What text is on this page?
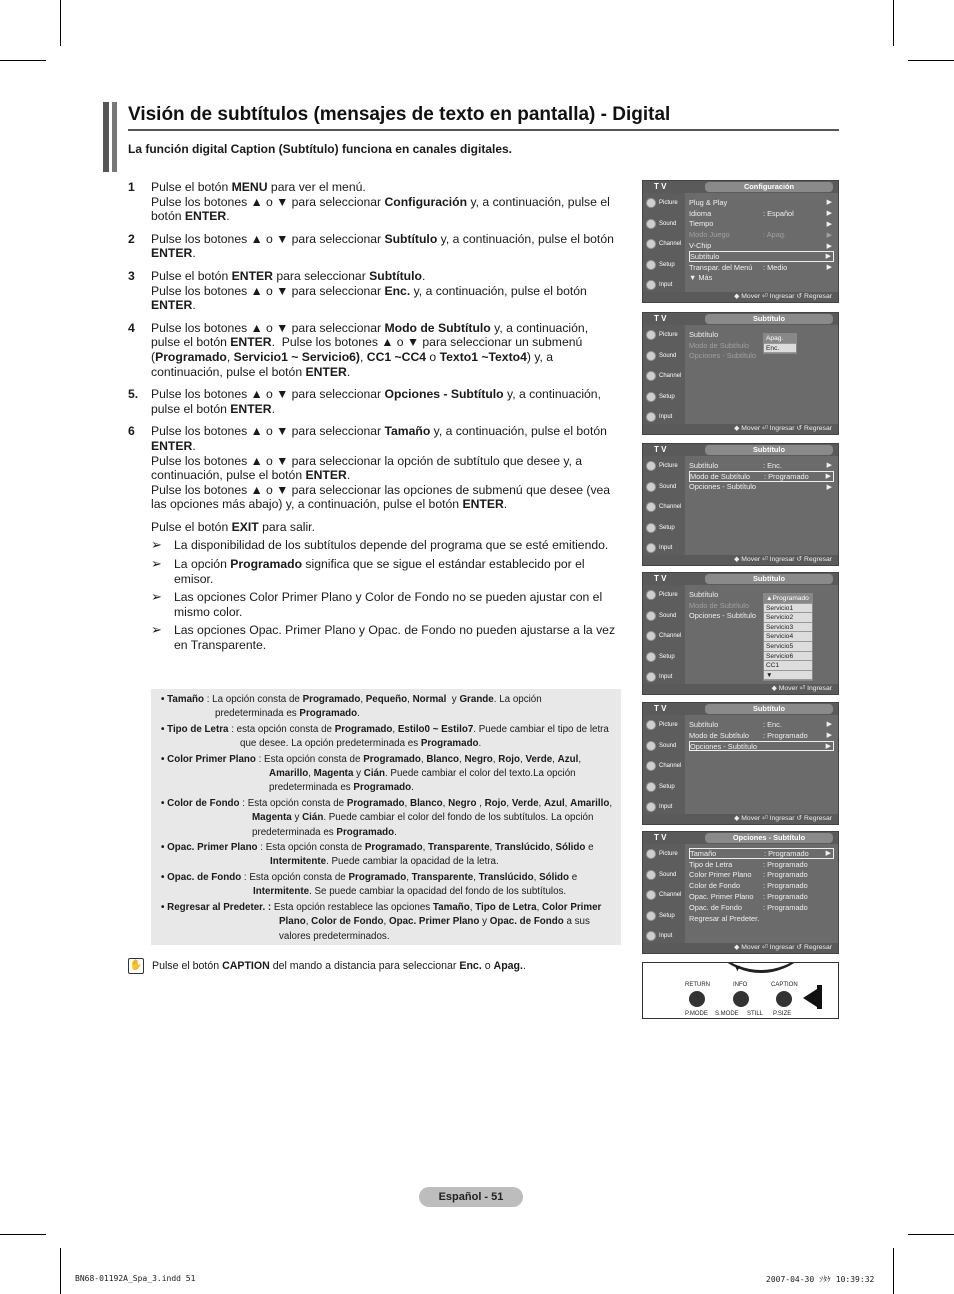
Visión de subtítulos (mensajes de texto en pantalla) - Digital
La función digital Caption (Subtítulo) funciona en canales digitales.
1	Pulse el botón MENU para ver el menú.
Pulse los botones ▲ o ▼ para seleccionar Configuración y, a continuación, pulse el botón ENTER.
2	Pulse los botones ▲ o ▼ para seleccionar Subtítulo y, a continuación, pulse el botón ENTER.
3	Pulse el botón ENTER para seleccionar Subtítulo.
Pulse los botones ▲ o ▼ para seleccionar Enc. y, a continuación, pulse el botón ENTER.
4	Pulse los botones ▲ o ▼ para seleccionar Modo de Subtítulo y, a continuación, pulse el botón ENTER.  Pulse los botones ▲ o ▼ para seleccionar un submenú (Programado, Servicio1 ~ Servicio6), CC1 ~CC4 o Texto1 ~Texto4) y, a continuación, pulse el botón ENTER.
5.	Pulse los botones ▲ o ▼ para seleccionar Opciones - Subtítulo y, a continuación, pulse el botón ENTER.
6	Pulse los botones ▲ o ▼ para seleccionar Tamaño y, a continuación, pulse el botón ENTER.
Pulse los botones ▲ o ▼ para seleccionar la opción de subtítulo que desee y, a continuación, pulse el botón ENTER.
Pulse los botones ▲ o ▼ para seleccionar las opciones de submenú que desee (vea las opciones más abajo) y, a continuación, pulse el botón ENTER.
Pulse el botón EXIT para salir.
➢ La disponibilidad de los subtítulos depende del programa que se esté emitiendo.
➢ La opción Programado significa que se sigue el estándar establecido por el emisor.
➢ Las opciones Color Primer Plano y Color de Fondo no se pueden ajustar con el mismo color.
➢ Las opciones Opac. Primer Plano y Opac. de Fondo no pueden ajustarse a la vez en Transparente.
• Tamaño : La opción consta de Programado, Pequeño, Normal  y Grande. La opción predeterminada es Programado.
• Tipo de Letra : esta opción consta de Programado, Estilo0 ~ Estilo7. Puede cambiar el tipo de letra que desee. La opción predeterminada es Programado.
• Color Primer Plano : Esta opción consta de Programado, Blanco, Negro, Rojo, Verde, Azul, Amarillo, Magenta y Cián. Puede cambiar el color del texto.La opción predeterminada es Programado.
• Color de Fondo : Esta opción consta de Programado, Blanco, Negro , Rojo, Verde, Azul, Amarillo, Magenta y Cián. Puede cambiar el color del fondo de los subtítulos. La opción predeterminada es Programado.
• Opac. Primer Plano : Esta opción consta de Programado, Transparente, Translúcido, Sólido e Intermitente. Puede cambiar la opacidad de la letra.
• Opac. de Fondo : Esta opción consta de Programado, Transparente, Translúcido, Sólido e Intermitente. Se puede cambiar la opacidad del fondo de los subtítulos.
• Regresar al Predeter. : Esta opción restablece las opciones Tamaño, Tipo de Letra, Color Primer Plano, Color de Fondo, Opac. Primer Plano y Opac. de Fondo a sus valores predeterminados.
✋ Pulse el botón CAPTION del mando a distancia para seleccionar Enc. o Apag..
T V	Configuración
Picture
Sound
Channel
Setup
Input
Plug & Play	▶
Idioma	: Español	▶
Tiempo	▶
Modo Juego	: Apag.	▶
V-Chip	▶
Subtítulo	▶
Transpar. del Menú	: Medio	▶
▼ Más
◆ Mover ⏎ Ingresar ↺ Regresar
T V	Subtítulo
Picture
Sound
Channel
Setup
Input
Subtítulo
Modo de Subtítulo
Opciones - Subtítulo
Apag.
Enc.
◆ Mover ⏎ Ingresar ↺ Regresar
T V	Subtítulo
Picture
Sound
Channel
Setup
Input
Subtítulo	: Enc.	▶
Modo de Subtítulo	: Programado	▶
Opciones - Subtítulo	▶
◆ Mover ⏎ Ingresar ↺ Regresar
T V	Subtítulo
Picture
Sound
Channel
Setup
Input
Subtítulo
Modo de Subtítulo
Opciones - Subtítulo
▲Programado
Servicio1
Servicio2
Servicio3
Servicio4
Servicio5
Servicio6
CC1
▼
◆ Mover ⏎ Ingresar
T V	Subtítulo
Picture
Sound
Channel
Setup
Input
Subtítulo	: Enc.	▶
Modo de Subtítulo	: Programado	▶
Opciones - Subtítulo	▶
◆ Mover ⏎ Ingresar ↺ Regresar
T V	Opciones - Subtítulo
Picture
Sound
Channel
Setup
Input
Tamaño	: Programado	▶
Tipo de Letra	: Programado
Color Primer Plano	: Programado
Color de Fondo	: Programado
Opac. Primer Plano	: Programado
Opac. de Fondo	: Programado
Regresar al Predeter.
◆ Mover ⏎ Ingresar ↺ Regresar
▼
RETURN	INFO	CAPTION
P.MODE S.MODE STILL P.SIZE
Español - 51
BN68-01192A_Spa_3.indd 51	2007-04-30 ｿﾀｹ 10:39:32
